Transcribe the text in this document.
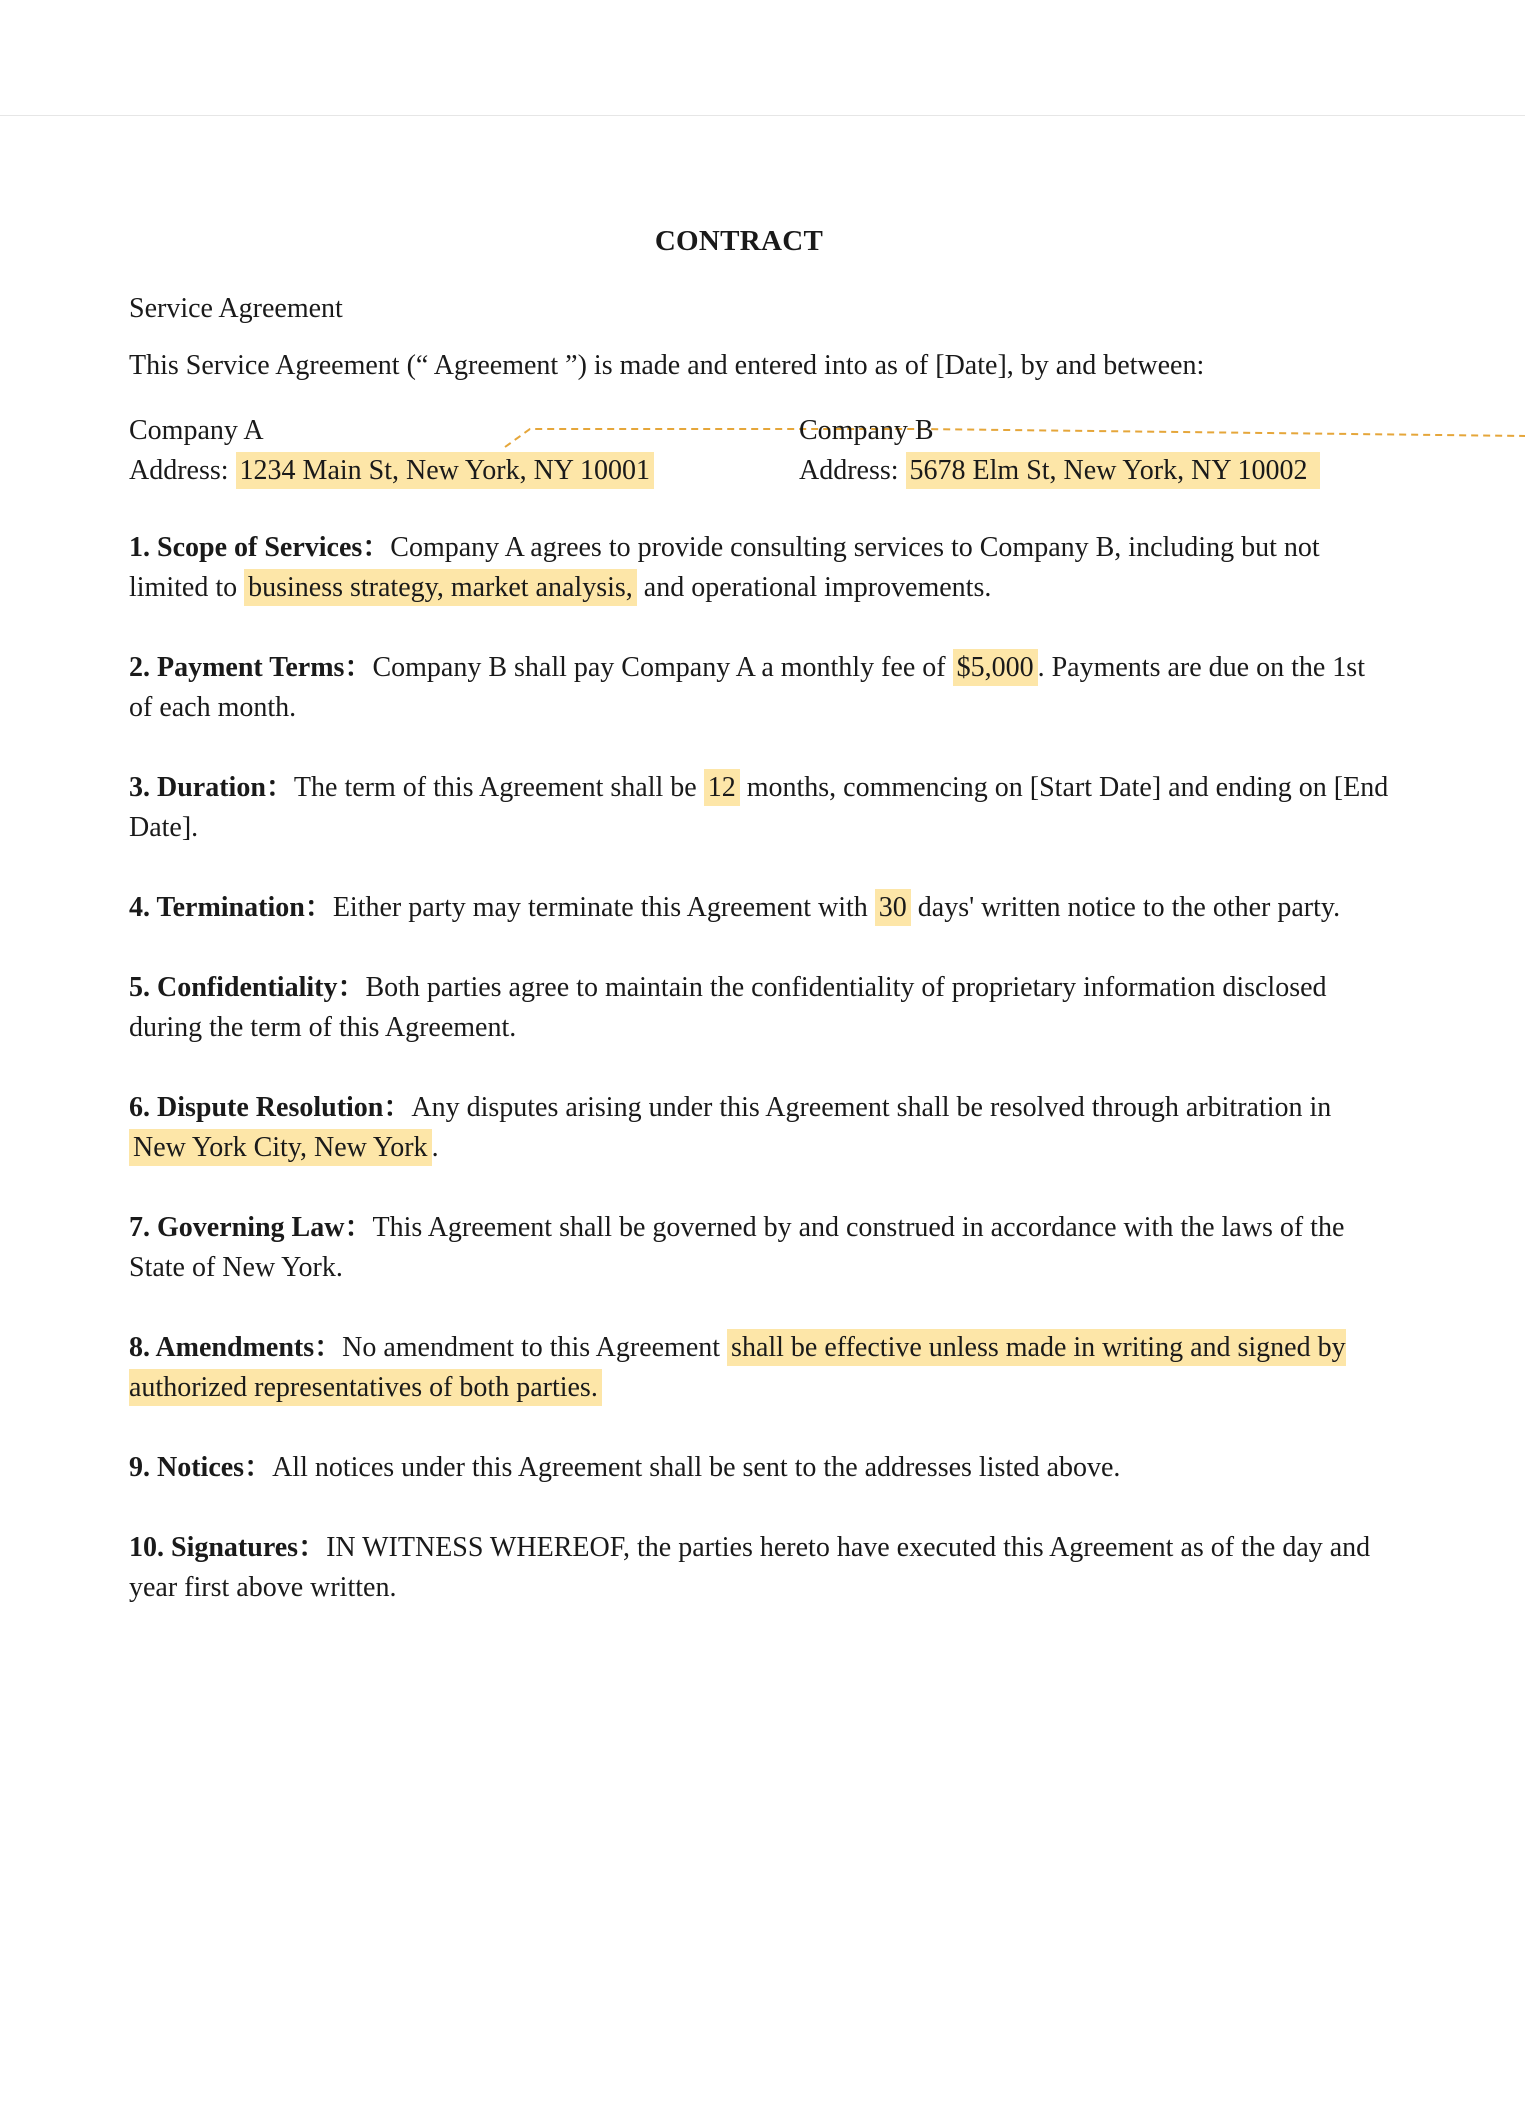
CONTRACT
Service Agreement
This Service Agreement (“ Agreement ”) is made and entered into as of [Date], by and between:
Company A
Address: 1234 Main St, New York, NY 10001
Company B
Address: 5678 Elm St, New York, NY 10002
1. Scope of Services：Company A agrees to provide consulting services to Company B, including but not limited to business strategy, market analysis, and operational improvements.
2. Payment Terms：Company B shall pay Company A a monthly fee of $5,000 . Payments are due on the 1st of each month.
3. Duration：The term of this Agreement shall be 12 months, commencing on [Start Date] and ending on [End Date].
4. Termination：Either party may terminate this Agreement with 30 days' written notice to the other party.
5. Confidentiality：Both parties agree to maintain the confidentiality of proprietary information disclosed during the term of this Agreement.
6. Dispute Resolution：Any disputes arising under this Agreement shall be resolved through arbitration in New York City, New York .
7. Governing Law：This Agreement shall be governed by and construed in accordance with the laws of the State of New York.
8. Amendments：No amendment to this Agreement shall be effective unless made in writing and signed by authorized representatives of both parties.
9. Notices：All notices under this Agreement shall be sent to the addresses listed above.
10. Signatures：IN WITNESS WHEREOF, the parties hereto have executed this Agreement as of the day and year first above written.
